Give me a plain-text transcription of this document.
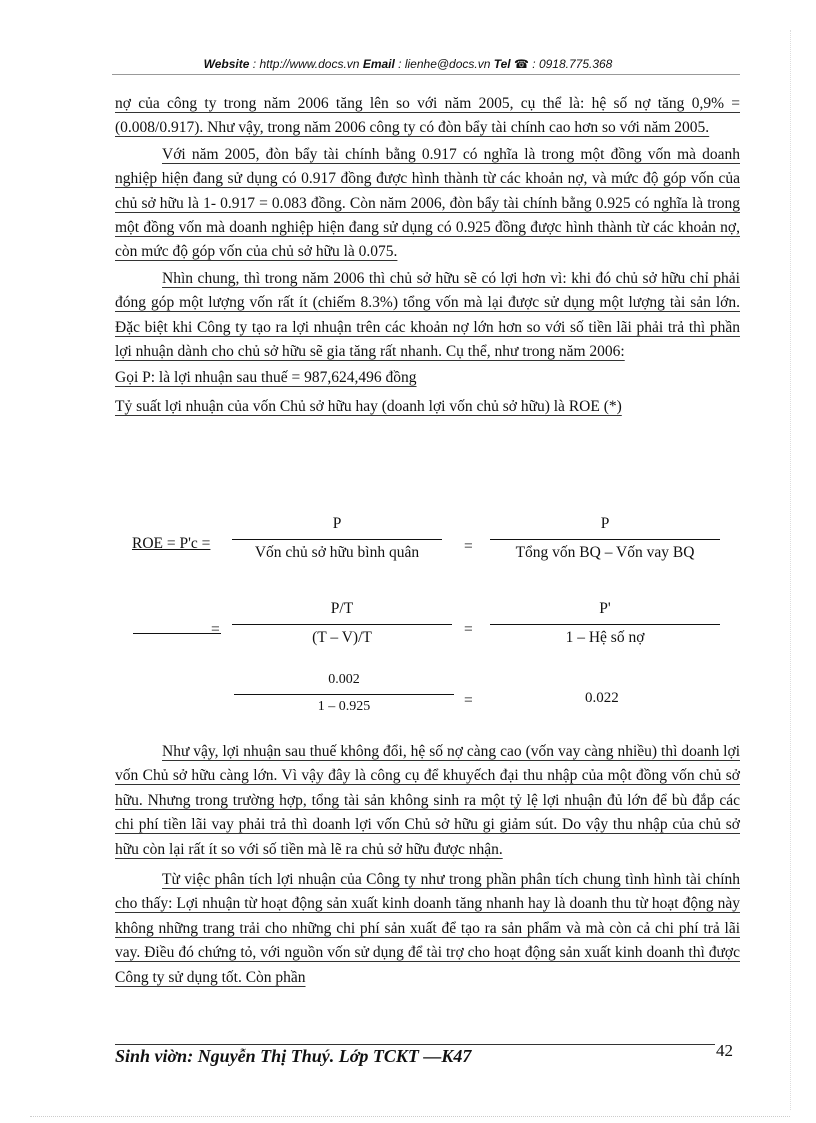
Website : http://www.docs.vn Email : lienhe@docs.vn Tel ☎ : 0918.775.368

nợ của công ty trong năm 2006 tăng lên so với năm 2005, cụ thể là: hệ số nợ tăng 0,9% = (0.008/0.917). Như vậy, trong năm 2006 công ty có đòn bẩy tài chính cao hơn so với năm 2005.

Với năm 2005, đòn bẩy tài chính bằng 0.917 có nghĩa là trong một đồng vốn mà doanh nghiệp hiện đang sử dụng có 0.917 đồng được hình thành từ các khoản nợ, và mức độ góp vốn của chủ sở hữu là 1- 0.917 = 0.083 đồng. Còn năm 2006, đòn bẩy tài chính bằng 0.925 có nghĩa là trong một đồng vốn mà doanh nghiệp hiện đang sử dụng có 0.925 đồng được hình thành từ các khoản nợ, còn mức độ góp vốn của chủ sở hữu là 0.075.

Nhìn chung, thì trong năm 2006 thì chủ sở hữu sẽ có lợi hơn vì: khi đó chủ sở hữu chỉ phải đóng góp một lượng vốn rất ít (chiếm 8.3%) tổng vốn mà lại được sử dụng một lượng tài sản lớn. Đặc biệt khi Công ty tạo ra lợi nhuận trên các khoản nợ lớn hơn so với số tiền lãi phải trả thì phần lợi nhuận dành cho chủ sở hữu sẽ gia tăng rất nhanh. Cụ thể, như trong năm 2006:

Gọi P: là lợi nhuận sau thuế = 987,624,496 đồng

Tỷ suất lợi nhuận của vốn Chủ sở hữu hay (doanh lợi vốn chủ sở hữu) là ROE (*)

ROE = P'c =
P
Vốn chủ sở hữu bình quân	=
P
Tổng vốn BQ – Vốn vay BQ
=
P/T
(T – V)/T	=
P'
1 – Hệ số nợ
0.002
1 – 0.925	=	0.022

Như vậy, lợi nhuận sau thuế không đổi, hệ số nợ càng cao (vốn vay càng nhiều) thì doanh lợi vốn Chủ sở hữu càng lớn. Vì vậy đây là công cụ để khuyếch đại thu nhập của một đồng vốn chủ sở hữu. Nhưng trong trường hợp, tổng tài sản không sinh ra một tỷ lệ lợi nhuận đủ lớn để bù đắp các chi phí tiền lãi vay phải trả thì doanh lợi vốn Chủ sở hữu gi giảm sút. Do vậy thu nhập của chủ sở hữu còn lại rất ít so với số tiền mà lẽ ra chủ sở hữu được nhận.

Từ việc phân tích lợi nhuận của Công ty như trong phần phân tích chung tình hình tài chính cho thấy: Lợi nhuận từ hoạt động sản xuất kinh doanh tăng nhanh hay là doanh thu từ hoạt động này không những trang trải cho những chi phí sản xuất để tạo ra sản phẩm và mà còn cả chi phí trả lãi vay. Điều đó chứng tỏ, với nguồn vốn sử dụng để tài trợ cho hoạt động sản xuất kinh doanh thì được Công ty sử dụng tốt. Còn phần

Sinh viờn: Nguyễn Thị Thuý. Lớp TCKT —K47	42
